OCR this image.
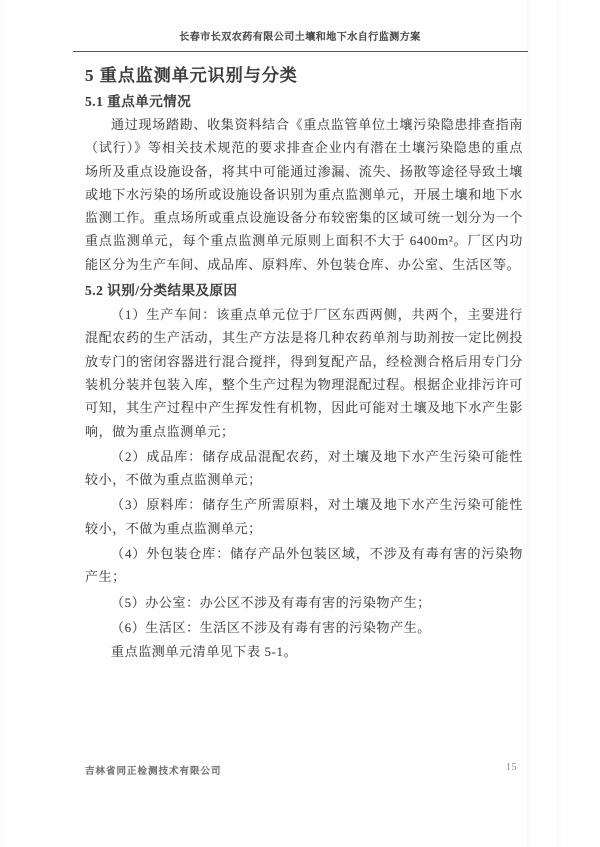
长春市长双农药有限公司土壤和地下水自行监测方案
5 重点监测单元识别与分类
5.1 重点单元情况

通过现场踏勘、收集资料结合《重点监管单位土壤污染隐患排查指南（试行）》等相关技术规范的要求排查企业内有潜在土壤污染隐患的重点场所及重点设施设备，将其中可能通过渗漏、流失、扬散等途径导致土壤或地下水污染的场所或设施设备识别为重点监测单元，开展土壤和地下水监测工作。重点场所或重点设施设备分布较密集的区域可统一划分为一个重点监测单元，每个重点监测单元原则上面积不大于 6400m²。厂区内功能区分为生产车间、成品库、原料库、外包装仓库、办公室、生活区等。

5.2 识别/分类结果及原因

（1）生产车间：该重点单元位于厂区东西两侧，共两个，主要进行混配农药的生产活动，其生产方法是将几种农药单剂与助剂按一定比例投放专门的密闭容器进行混合搅拌，得到复配产品，经检测合格后用专门分装机分装并包装入库，整个生产过程为物理混配过程。根据企业排污许可可知，其生产过程中产生挥发性有机物，因此可能对土壤及地下水产生影响，做为重点监测单元；

（2）成品库：储存成品混配农药，对土壤及地下水产生污染可能性较小，不做为重点监测单元；

（3）原料库：储存生产所需原料，对土壤及地下水产生污染可能性较小，不做为重点监测单元；

（4）外包装仓库：储存产品外包装区域，不涉及有毒有害的污染物产生；

（5）办公室：办公区不涉及有毒有害的污染物产生；

（6）生活区：生活区不涉及有毒有害的污染物产生。

重点监测单元清单见下表 5-1。

吉林省同正检测技术有限公司	15
